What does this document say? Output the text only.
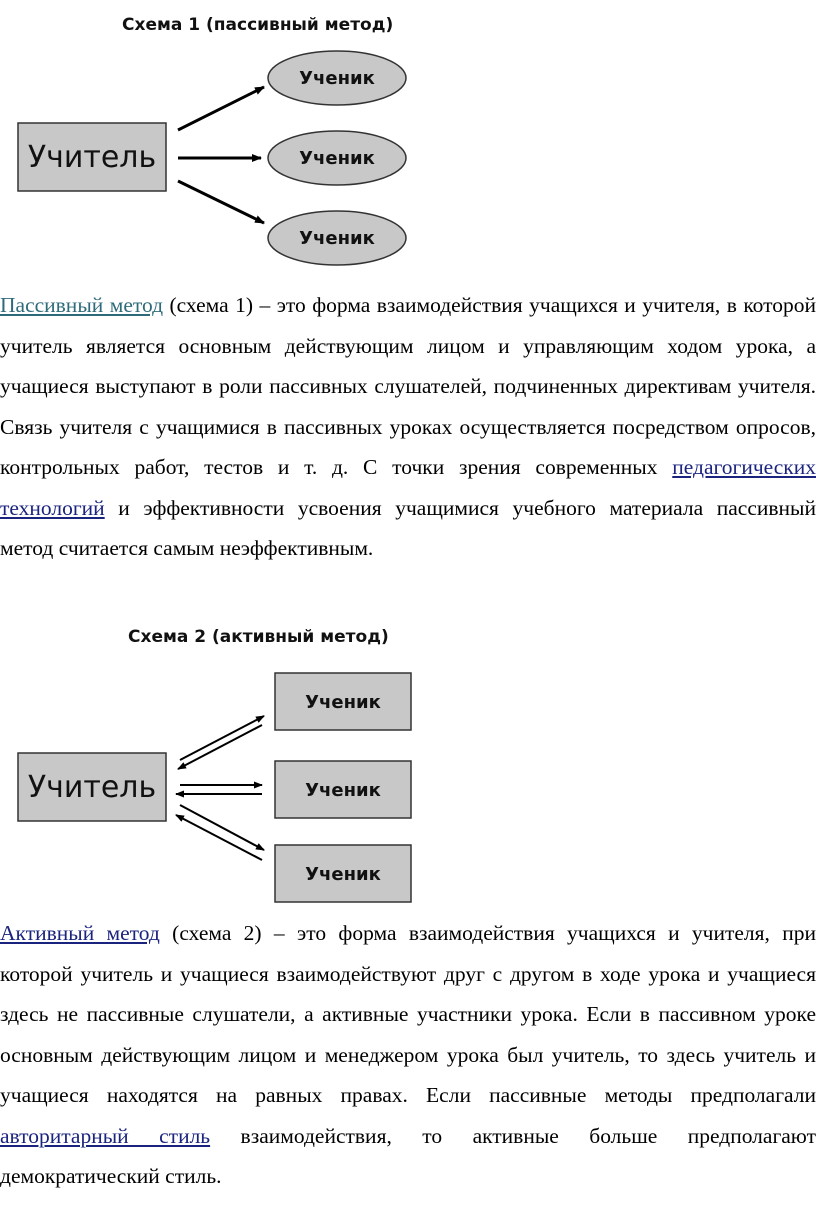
Схема 1 (пассивный метод)
Учитель
Ученик
Ученик
Ученик

Пассивный метод (схема 1) – это форма взаимодействия учащихся и учителя, в которой учитель является основным действующим лицом и управляющим ходом урока, а учащиеся выступают в роли пассивных слушателей, подчиненных директивам учителя. Связь учителя с учащимися в пассивных уроках осуществляется посредством опросов, контрольных работ, тестов и т. д. С точки зрения современных педагогических технологий и эффективности усвоения учащимися учебного материала пассивный метод считается самым неэффективным.

Схема 2 (активный метод)
Учитель
Ученик
Ученик
Ученик

Активный метод (схема 2) – это форма взаимодействия учащихся и учителя, при которой учитель и учащиеся взаимодействуют друг с другом в ходе урока и учащиеся здесь не пассивные слушатели, а активные участники урока. Если в пассивном уроке основным действующим лицом и менеджером урока был учитель, то здесь учитель и учащиеся находятся на равных правах. Если пассивные методы предполагали авторитарный стиль взаимодействия, то активные больше предполагают демократический стиль.
